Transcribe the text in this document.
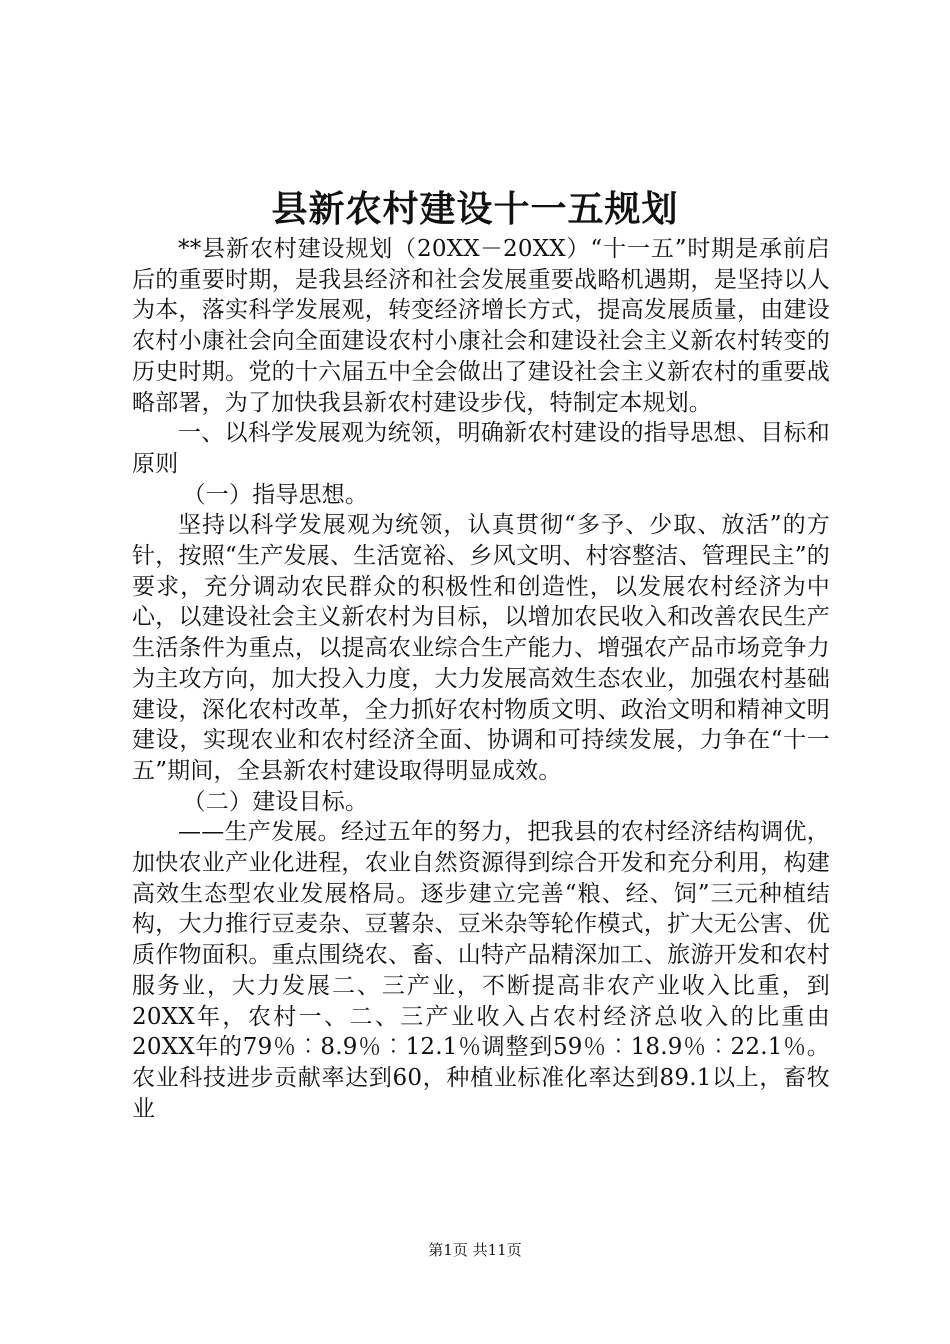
县新农村建设十一五规划

**县新农村建设规划（20XX－20XX）“十一五”时期是承前启后的重要时期，是我县经济和社会发展重要战略机遇期，是坚持以人为本，落实科学发展观，转变经济增长方式，提高发展质量，由建设农村小康社会向全面建设农村小康社会和建设社会主义新农村转变的历史时期。党的十六届五中全会做出了建设社会主义新农村的重要战略部署，为了加快我县新农村建设步伐，特制定本规划。

一、以科学发展观为统领，明确新农村建设的指导思想、目标和原则

（一）指导思想。

坚持以科学发展观为统领，认真贯彻“多予、少取、放活”的方针，按照“生产发展、生活宽裕、乡风文明、村容整洁、管理民主”的要求，充分调动农民群众的积极性和创造性，以发展农村经济为中心，以建设社会主义新农村为目标，以增加农民收入和改善农民生产生活条件为重点，以提高农业综合生产能力、增强农产品市场竞争力为主攻方向，加大投入力度，大力发展高效生态农业，加强农村基础建设，深化农村改革，全力抓好农村物质文明、政治文明和精神文明建设，实现农业和农村经济全面、协调和可持续发展，力争在“十一五”期间，全县新农村建设取得明显成效。

（二）建设目标。

——生产发展。经过五年的努力，把我县的农村经济结构调优，加快农业产业化进程，农业自然资源得到综合开发和充分利用，构建高效生态型农业发展格局。逐步建立完善“粮、经、饲”三元种植结构，大力推行豆麦杂、豆薯杂、豆米杂等轮作模式，扩大无公害、优质作物面积。重点围绕农、畜、山特产品精深加工、旅游开发和农村服务业，大力发展二、三产业，不断提高非农产业收入比重，到20XX年，农村一、二、三产业收入占农村经济总收入的比重由20XX年的79％︰8.9％︰12.1％调整到59％︰18.9％︰22.1％。农业科技进步贡献率达到60，种植业标准化率达到89.1以上，畜牧业

第1页 共11页
